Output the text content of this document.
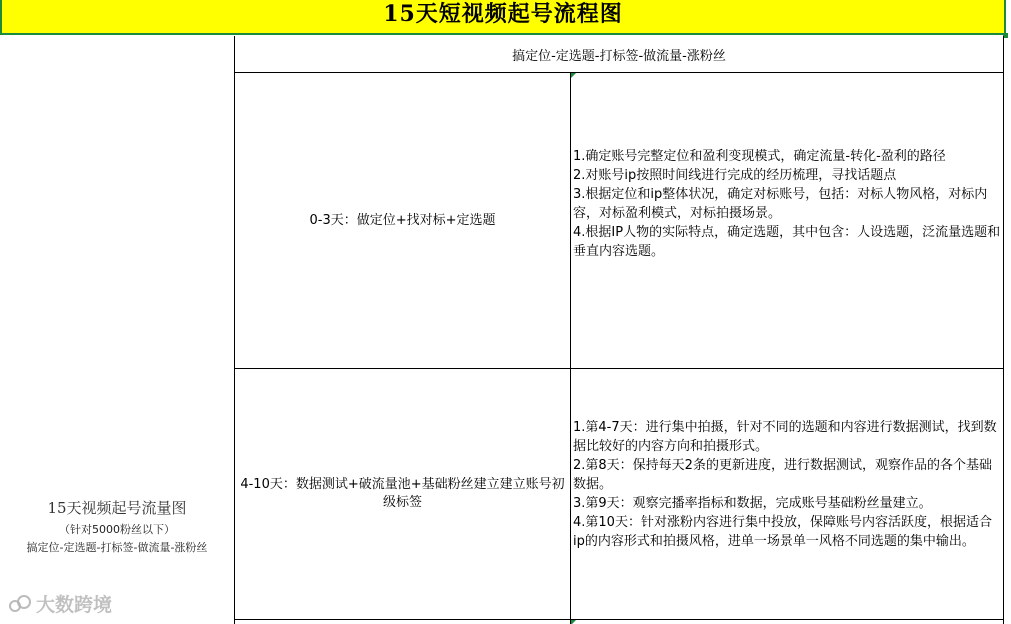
15天短视频起号流程图
15天视频起号流量图
（针对5000粉丝以下）
搞定位-定选题-打标签-做流量-涨粉丝
搞定位-定选题-打标签-做流量-涨粉丝
0-3天：做定位+找对标+定选题

1.确定账号完整定位和盈利变现模式，确定流量-转化-盈利的路径

2.对账号ip按照时间线进行完成的经历梳理，寻找话题点

3.根据定位和ip整体状况，确定对标账号，包括：对标人物风格，对标内容，对标盈利模式，对标拍摄场景。

4.根据IP人物的实际特点，确定选题，其中包含：人设选题，泛流量选题和垂直内容选题。

4-10天：数据测试+破流量池+基础粉丝建立建立账号初级标签

1.第4-7天：进行集中拍摄，针对不同的选题和内容进行数据测试，找到数据比较好的内容方向和拍摄形式。

2.第8天：保持每天2条的更新进度，进行数据测试，观察作品的各个基础数据。

3.第9天：观察完播率指标和数据，完成账号基础粉丝量建立。

4.第10天：针对涨粉内容进行集中投放，保障账号内容活跃度，根据适合ip的内容形式和拍摄风格，进单一场景单一风格不同选题的集中输出。

大数跨境
